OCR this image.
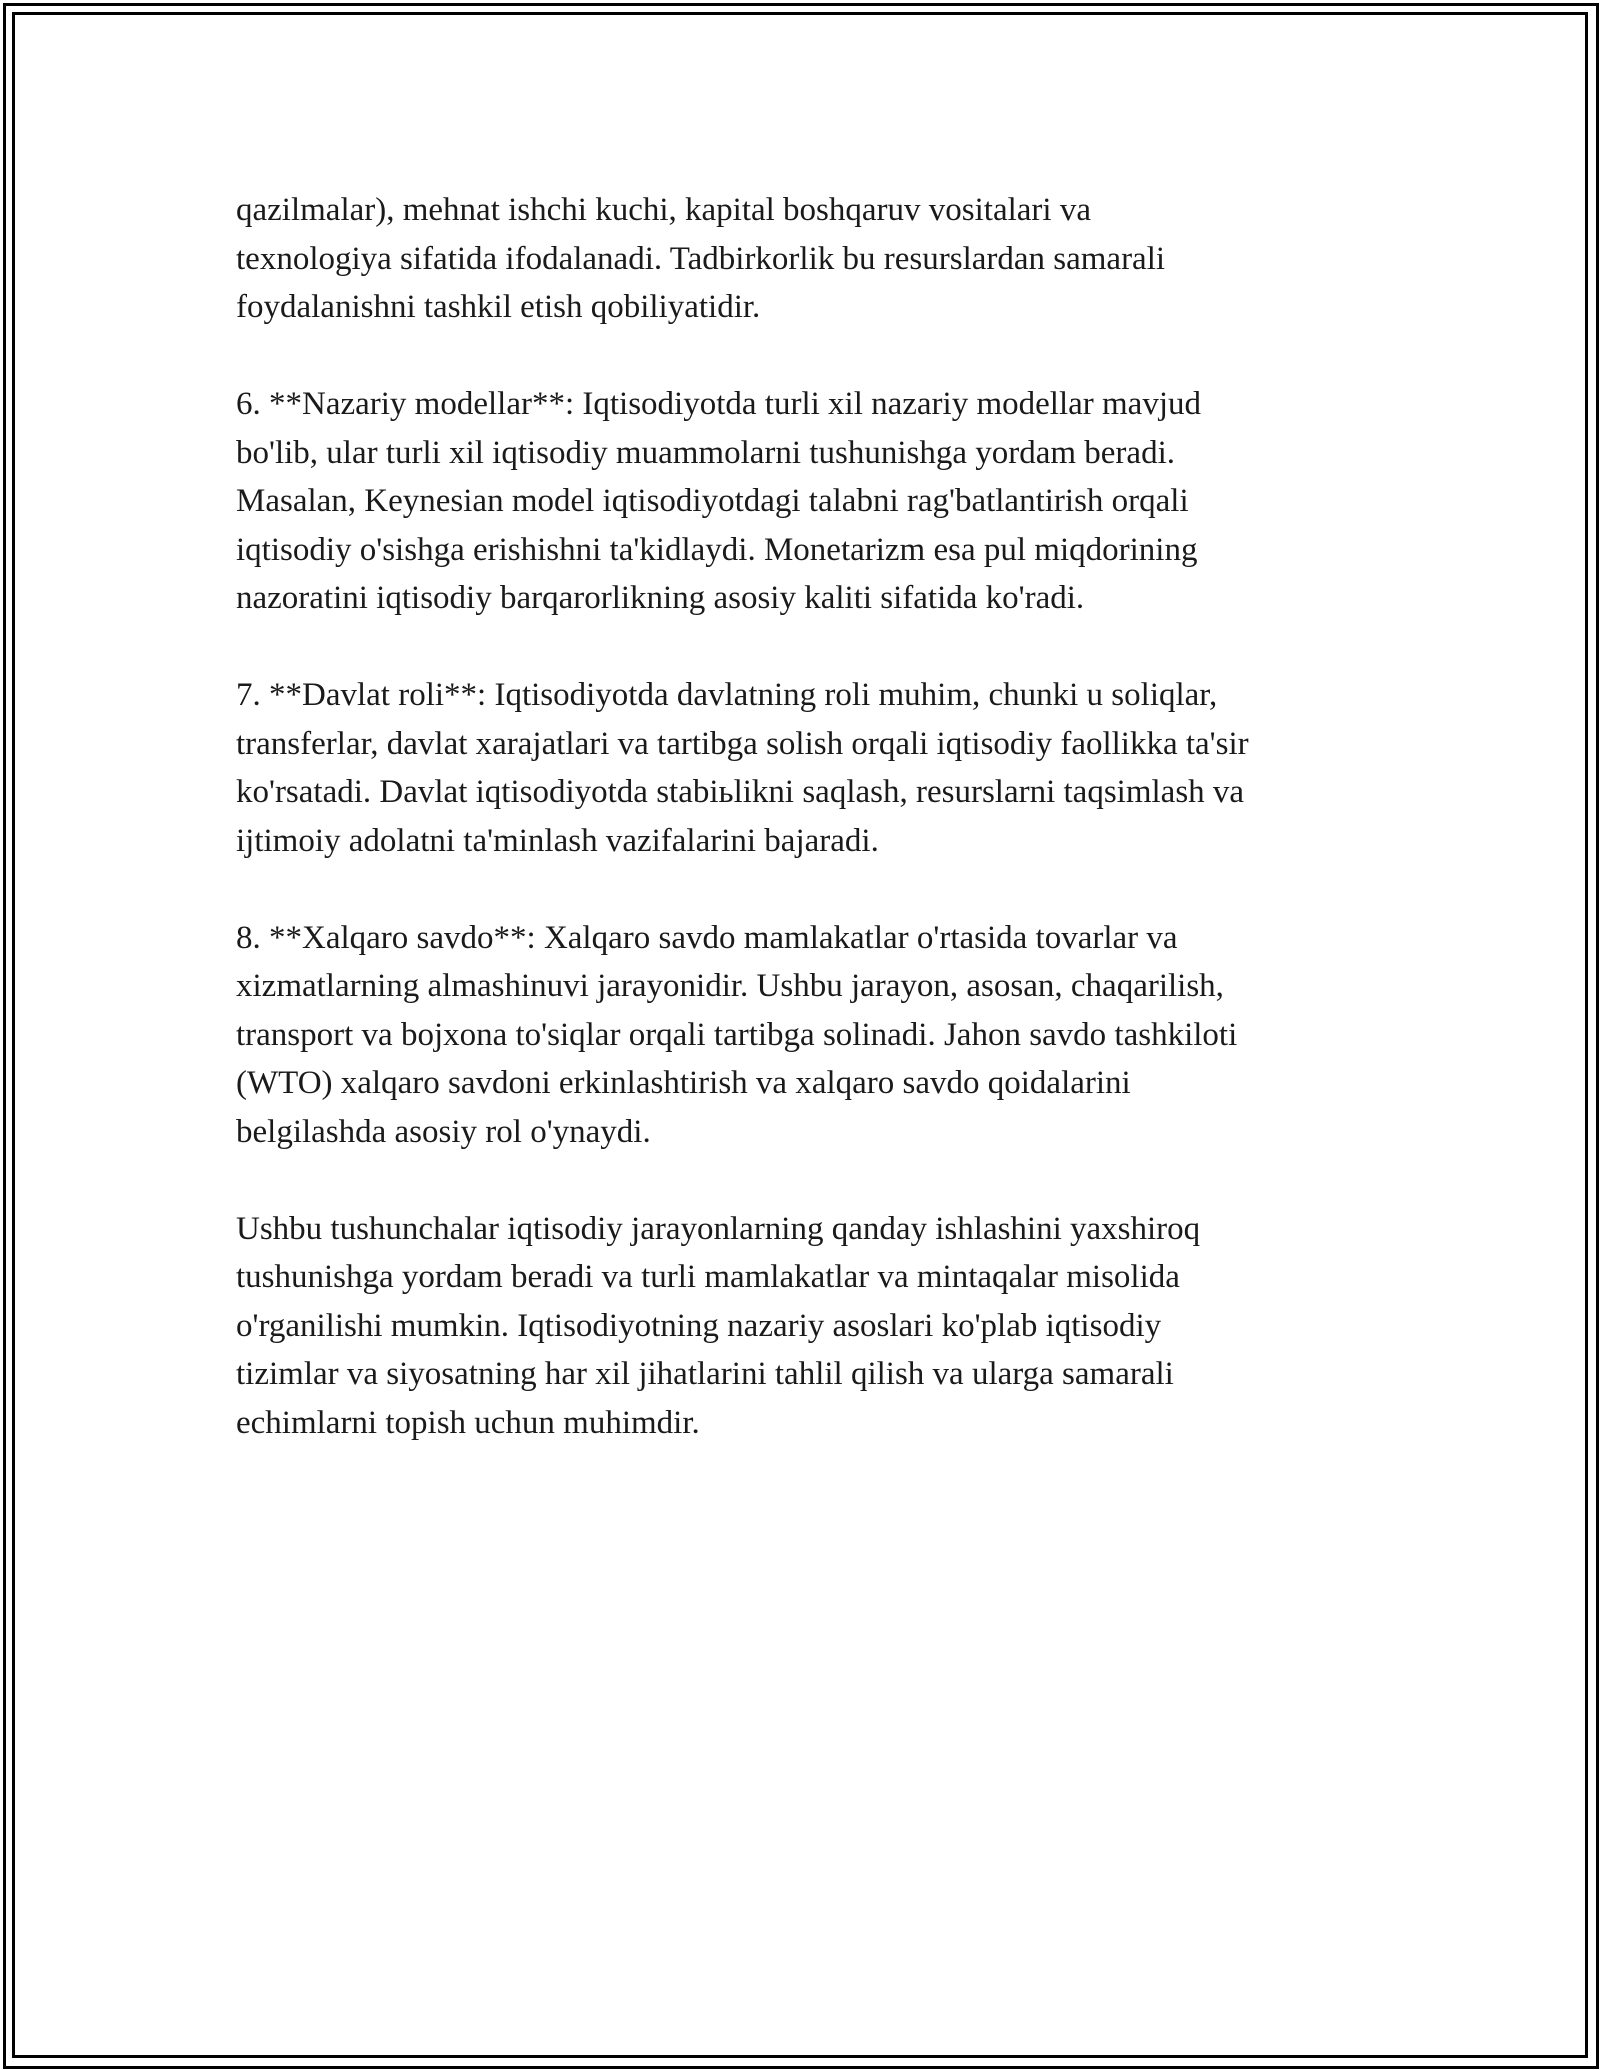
qazilmalar), mehnat ishchi kuchi, kapital boshqaruv vositalari va
texnologiya sifatida ifodalanadi. Tadbirkorlik bu resurslardan samarali
foydalanishni tashkil etish qobiliyatidir.

6. **Nazariy modellar**: Iqtisodiyotda turli xil nazariy modellar mavjud
bo'lib, ular turli xil iqtisodiy muammolarni tushunishga yordam beradi.
Masalan, Keynesian model iqtisodiyotdagi talabni rag'batlantirish orqali
iqtisodiy o'sishga erishishni ta'kidlaydi. Monetarizm esa pul miqdorining
nazoratini iqtisodiy barqarorlikning asosiy kaliti sifatida ko'radi.

7. **Davlat roli**: Iqtisodiyotda davlatning roli muhim, chunki u soliqlar,
transferlar, davlat xarajatlari va tartibga solish orqali iqtisodiy faollikka ta'sir
ko'rsatadi. Davlat iqtisodiyotda stabiьlikni saqlash, resurslarni taqsimlash va
ijtimoiy adolatni ta'minlash vazifalarini bajaradi.

8. **Xalqaro savdo**: Xalqaro savdo mamlakatlar o'rtasida tovarlar va
xizmatlarning almashinuvi jarayonidir. Ushbu jarayon, asosan, chaqarilish,
transport va bojxona to'siqlar orqali tartibga solinadi. Jahon savdo tashkiloti
(WTO) xalqaro savdoni erkinlashtirish va xalqaro savdo qoidalarini
belgilashda asosiy rol o'ynaydi.

Ushbu tushunchalar iqtisodiy jarayonlarning qanday ishlashini yaxshiroq
tushunishga yordam beradi va turli mamlakatlar va mintaqalar misolida
o'rganilishi mumkin. Iqtisodiyotning nazariy asoslari ko'plab iqtisodiy
tizimlar va siyosatning har xil jihatlarini tahlil qilish va ularga samarali
echimlarni topish uchun muhimdir.
